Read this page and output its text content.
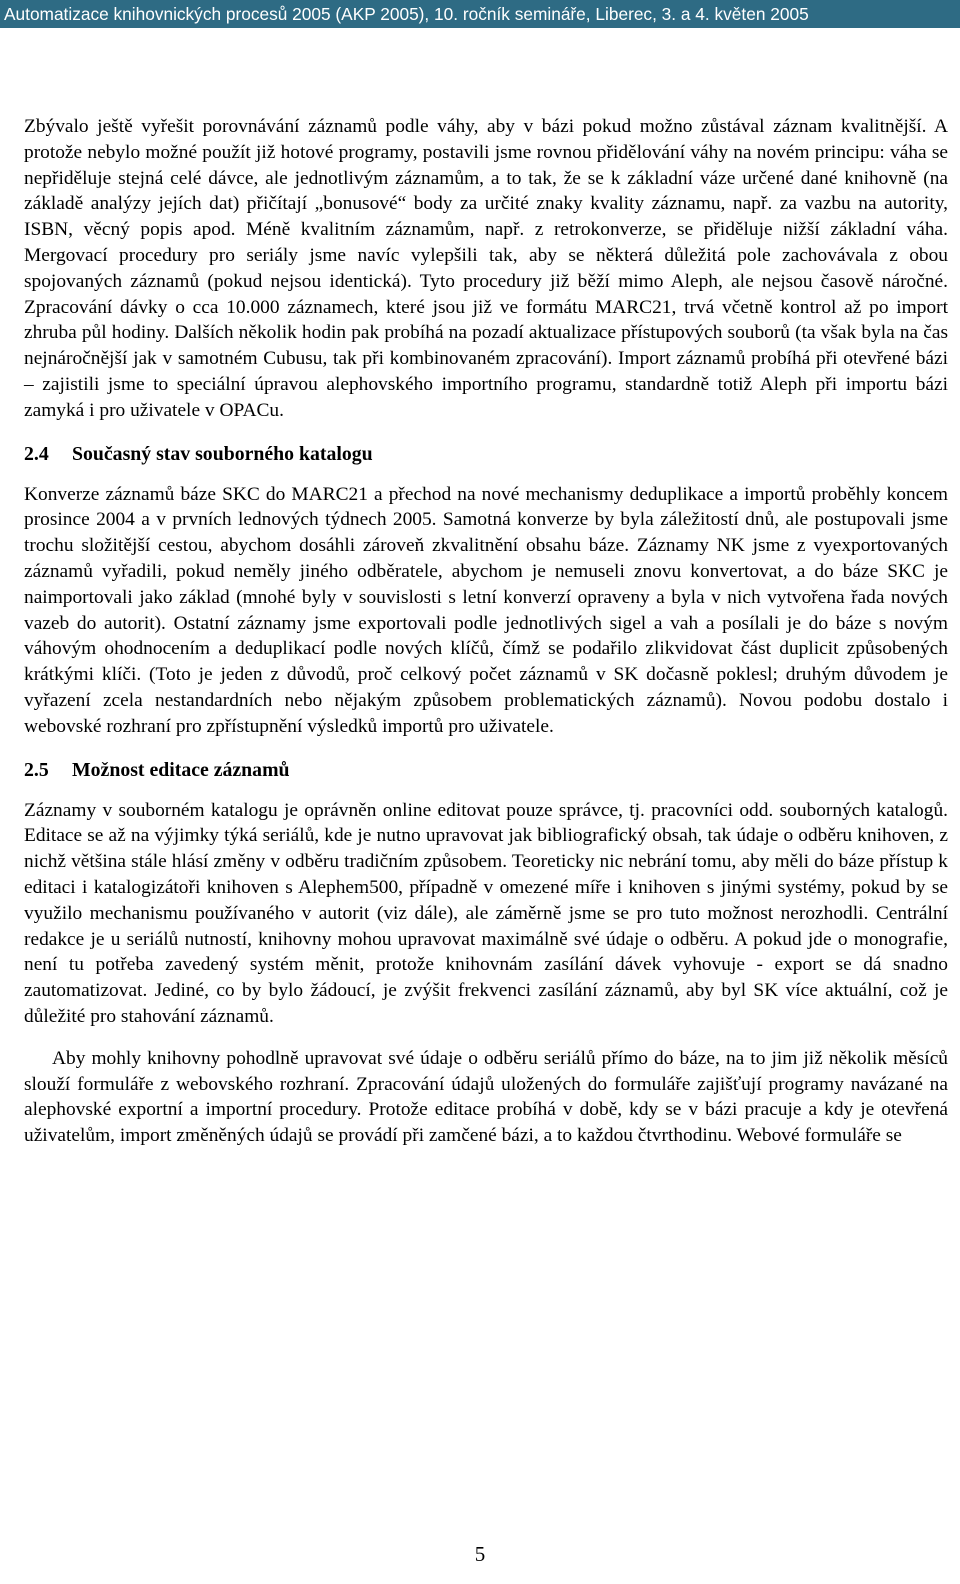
Automatizace knihovnických procesů 2005 (AKP 2005), 10. ročník semináře, Liberec, 3. a 4. květen 2005

Zbývalo ještě vyřešit porovnávání záznamů podle váhy, aby v bázi pokud možno zůstával záznam kvalitnější. A protože nebylo možné použít již hotové programy, postavili jsme rovnou přidělování váhy na novém principu: váha se nepřiděluje stejná celé dávce, ale jednotlivým záznamům, a to tak, že se k základní váze určené dané knihovně (na základě analýzy jejích dat) přičítají „bonusové“ body za určité znaky kvality záznamu, např. za vazbu na autority, ISBN, věcný popis apod. Méně kvalitním záznamům, např. z retrokonverze, se přiděluje nižší základní váha. Mergovací procedury pro seriály jsme navíc vylepšili tak, aby se některá důležitá pole zachovávala z obou spojovaných záznamů (pokud nejsou identická). Tyto procedury již běží mimo Aleph, ale nejsou časově náročné. Zpracování dávky o cca 10.000 záznamech, které jsou již ve formátu MARC21, trvá včetně kontrol až po import zhruba půl hodiny. Dalších několik hodin pak probíhá na pozadí aktualizace přístupových souborů (ta však byla na čas nejnáročnější jak v samotném Cubusu, tak při kombinovaném zpracování). Import záznamů probíhá při otevřené bázi – zajistili jsme to speciální úpravou alephovského importního programu, standardně totiž Aleph při importu bázi zamyká i pro uživatele v OPACu.

2.4 Současný stav souborného katalogu

Konverze záznamů báze SKC do MARC21 a přechod na nové mechanismy deduplikace a importů proběhly koncem prosince 2004 a v prvních lednových týdnech 2005. Samotná konverze by byla záležitostí dnů, ale postupovali jsme trochu složitější cestou, abychom dosáhli zároveň zkvalitnění obsahu báze. Záznamy NK jsme z vyexportovaných záznamů vyřadili, pokud neměly jiného odběratele, abychom je nemuseli znovu konvertovat, a do báze SKC je naimportovali jako základ (mnohé byly v souvislosti s letní konverzí opraveny a byla v nich vytvořena řada nových vazeb do autorit). Ostatní záznamy jsme exportovali podle jednotlivých sigel a vah a posílali je do báze s novým váhovým ohodnocením a deduplikací podle nových klíčů, čímž se podařilo zlikvidovat část duplicit způsobených krátkými klíči. (Toto je jeden z důvodů, proč celkový počet záznamů v SK dočasně poklesl; druhým důvodem je vyřazení zcela nestandardních nebo nějakým způsobem problematických záznamů). Novou podobu dostalo i webovské rozhraní pro zpřístupnění výsledků importů pro uživatele.

2.5 Možnost editace záznamů

Záznamy v souborném katalogu je oprávněn online editovat pouze správce, tj. pracovníci odd. souborných katalogů. Editace se až na výjimky týká seriálů, kde je nutno upravovat jak bibliografický obsah, tak údaje o odběru knihoven, z nichž většina stále hlásí změny v odběru tradičním způsobem. Teoreticky nic nebrání tomu, aby měli do báze přístup k editaci i katalogizátoři knihoven s Alephem500, případně v omezené míře i knihoven s jinými systémy, pokud by se využilo mechanismu používaného v autorit (viz dále), ale záměrně jsme se pro tuto možnost nerozhodli. Centrální redakce je u seriálů nutností, knihovny mohou upravovat maximálně své údaje o odběru. A pokud jde o monografie, není tu potřeba zavedený systém měnit, protože knihovnám zasílání dávek vyhovuje - export se dá snadno zautomatizovat. Jediné, co by bylo žádoucí, je zvýšit frekvenci zasílání záznamů, aby byl SK více aktuální, což je důležité pro stahování záznamů.

Aby mohly knihovny pohodlně upravovat své údaje o odběru seriálů přímo do báze, na to jim již několik měsíců slouží formuláře z webovského rozhraní. Zpracování údajů uložených do formuláře zajišťují programy navázané na alephovské exportní a importní procedury. Protože editace probíhá v době, kdy se v bázi pracuje a kdy je otevřená uživatelům, import změněných údajů se provádí při zamčené bázi, a to každou čtvrthodinu. Webové formuláře se

5
